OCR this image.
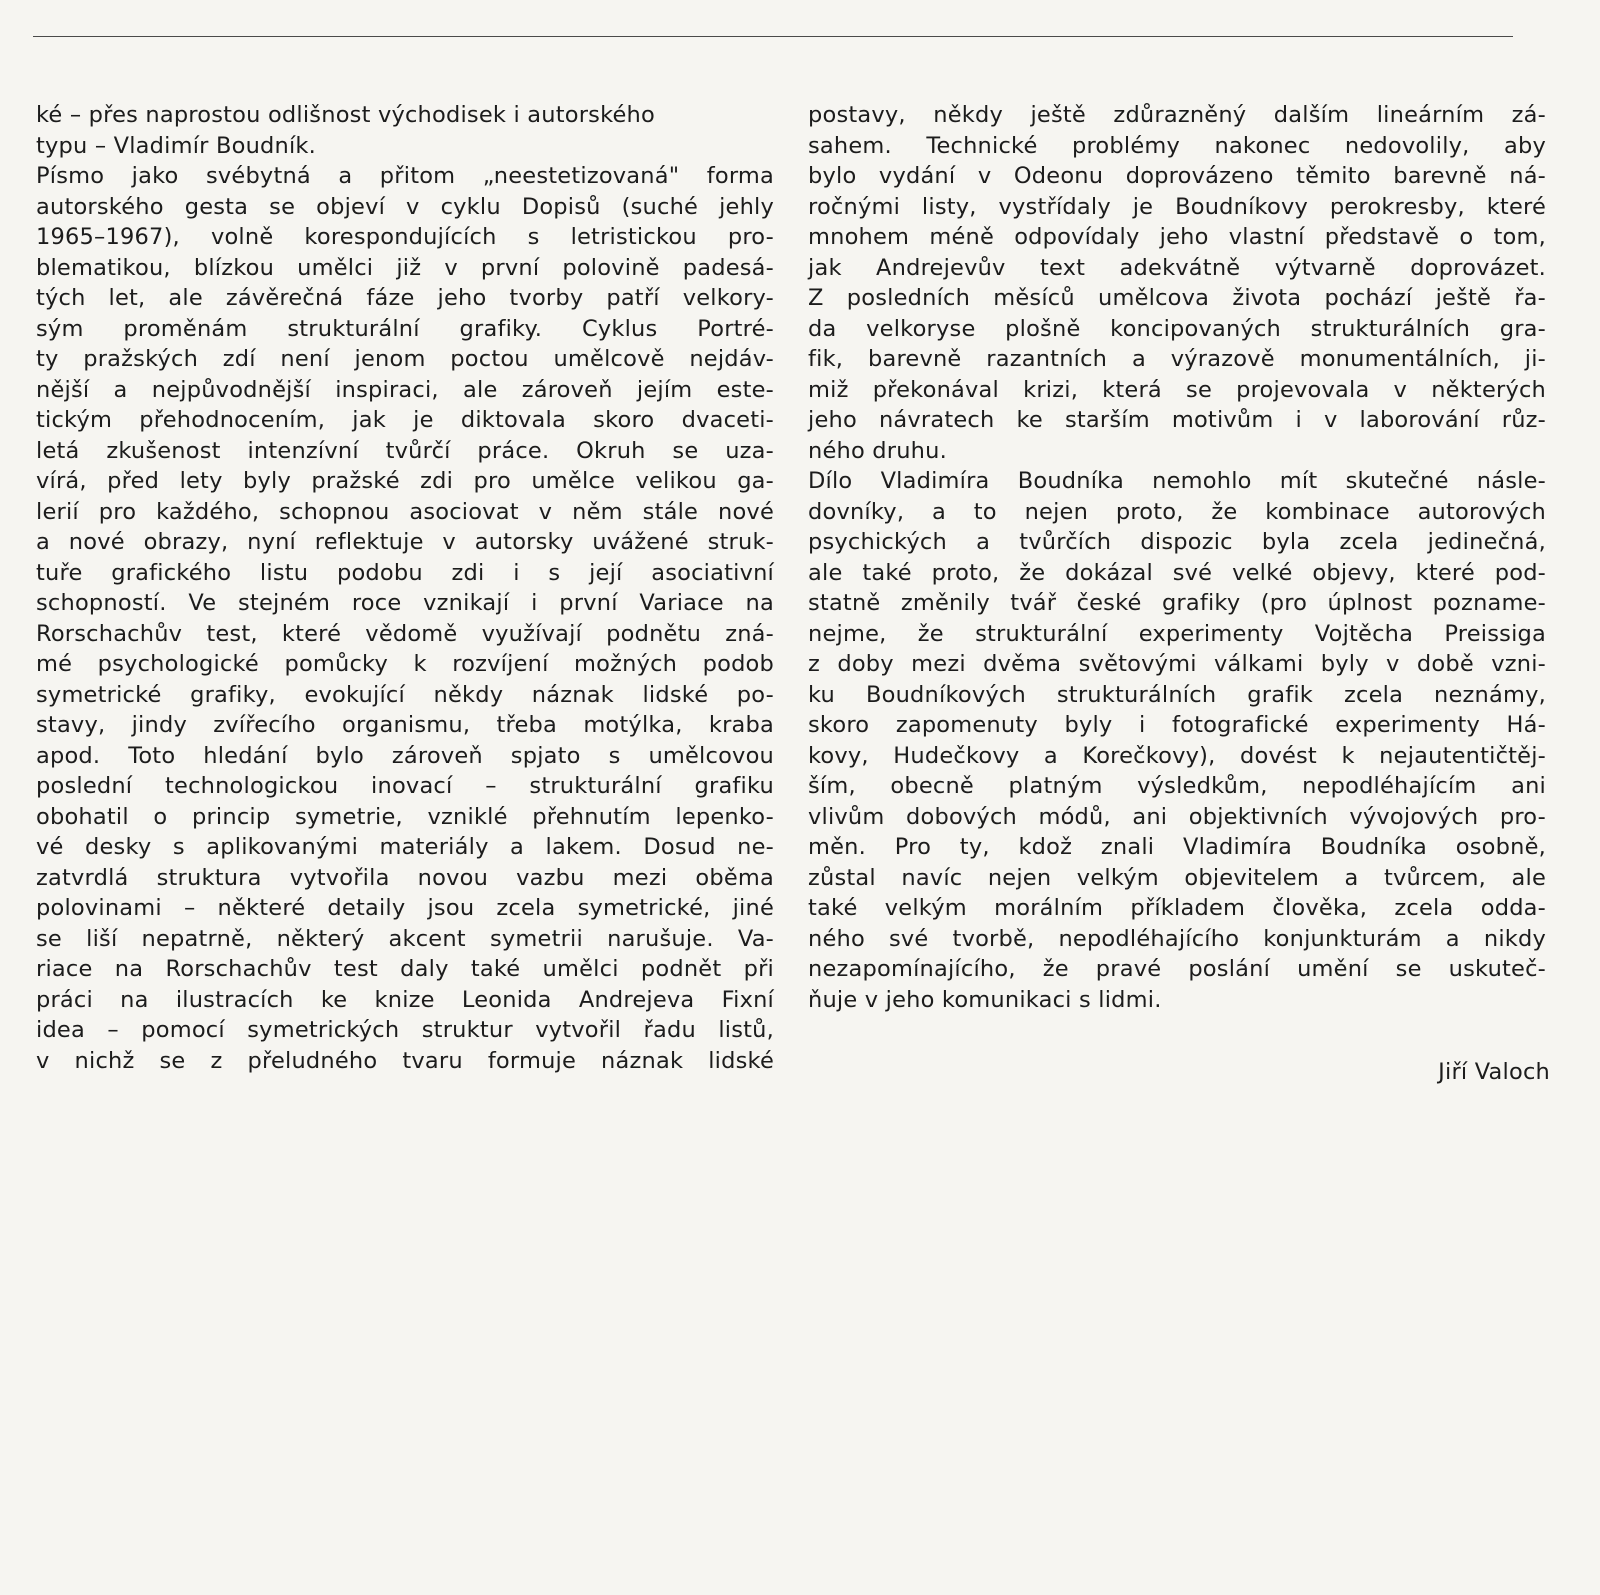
ké – přes naprostou odlišnost východisek i autorského
typu – Vladimír Boudník.
Písmo jako svébytná a přitom „neestetizovaná" forma
autorského gesta se objeví v cyklu Dopisů (suché jehly
1965–1967), volně korespondujících s letristickou pro-
blematikou, blízkou umělci již v první polovině padesá-
tých let, ale závěrečná fáze jeho tvorby patří velkory-
sým proměnám strukturální grafiky. Cyklus Portré-
ty pražských zdí není jenom poctou umělcově nejdáv-
nější a nejpůvodnější inspiraci, ale zároveň jejím este-
tickým přehodnocením, jak je diktovala skoro dvaceti-
letá zkušenost intenzívní tvůrčí práce. Okruh se uza-
vírá, před lety byly pražské zdi pro umělce velikou ga-
lerií pro každého, schopnou asociovat v něm stále nové
a nové obrazy, nyní reflektuje v autorsky uvážené struk-
tuře grafického listu podobu zdi i s její asociativní
schopností. Ve stejném roce vznikají i první Variace na
Rorschachův test, které vědomě využívají podnětu zná-
mé psychologické pomůcky k rozvíjení možných podob
symetrické grafiky, evokující někdy náznak lidské po-
stavy, jindy zvířecího organismu, třeba motýlka, kraba
apod. Toto hledání bylo zároveň spjato s umělcovou
poslední technologickou inovací – strukturální grafiku
obohatil o princip symetrie, vzniklé přehnutím lepenko-
vé desky s aplikovanými materiály a lakem. Dosud ne-
zatvrdlá struktura vytvořila novou vazbu mezi oběma
polovinami – některé detaily jsou zcela symetrické, jiné
se liší nepatrně, některý akcent symetrii narušuje. Va-
riace na Rorschachův test daly také umělci podnět při
práci na ilustracích ke knize Leonida Andrejeva Fixní
idea – pomocí symetrických struktur vytvořil řadu listů,
v nichž se z přeludného tvaru formuje náznak lidské
postavy, někdy ještě zdůrazněný dalším lineárním zá-
sahem. Technické problémy nakonec nedovolily, aby
bylo vydání v Odeonu doprovázeno těmito barevně ná-
ročnými listy, vystřídaly je Boudníkovy perokresby, které
mnohem méně odpovídaly jeho vlastní představě o tom,
jak Andrejevův text adekvátně výtvarně doprovázet.
Z posledních měsíců umělcova života pochází ještě řa-
da velkoryse plošně koncipovaných strukturálních gra-
fik, barevně razantních a výrazově monumentálních, ji-
miž překonával krizi, která se projevovala v některých
jeho návratech ke starším motivům i v laborování růz-
ného druhu.
Dílo Vladimíra Boudníka nemohlo mít skutečné násle-
dovníky, a to nejen proto, že kombinace autorových
psychických a tvůrčích dispozic byla zcela jedinečná,
ale také proto, že dokázal své velké objevy, které pod-
statně změnily tvář české grafiky (pro úplnost pozname-
nejme, že strukturální experimenty Vojtěcha Preissiga
z doby mezi dvěma světovými válkami byly v době vzni-
ku Boudníkových strukturálních grafik zcela neznámy,
skoro zapomenuty byly i fotografické experimenty Há-
kovy, Hudečkovy a Korečkovy), dovést k nejautentičtěj-
ším, obecně platným výsledkům, nepodléhajícím ani
vlivům dobových módů, ani objektivních vývojových pro-
měn. Pro ty, kdož znali Vladimíra Boudníka osobně,
zůstal navíc nejen velkým objevitelem a tvůrcem, ale
také velkým morálním příkladem člověka, zcela odda-
ného své tvorbě, nepodléhajícího konjunkturám a nikdy
nezapomínajícího, že pravé poslání umění se uskuteč-
ňuje v jeho komunikaci s lidmi.
Jiří Valoch
